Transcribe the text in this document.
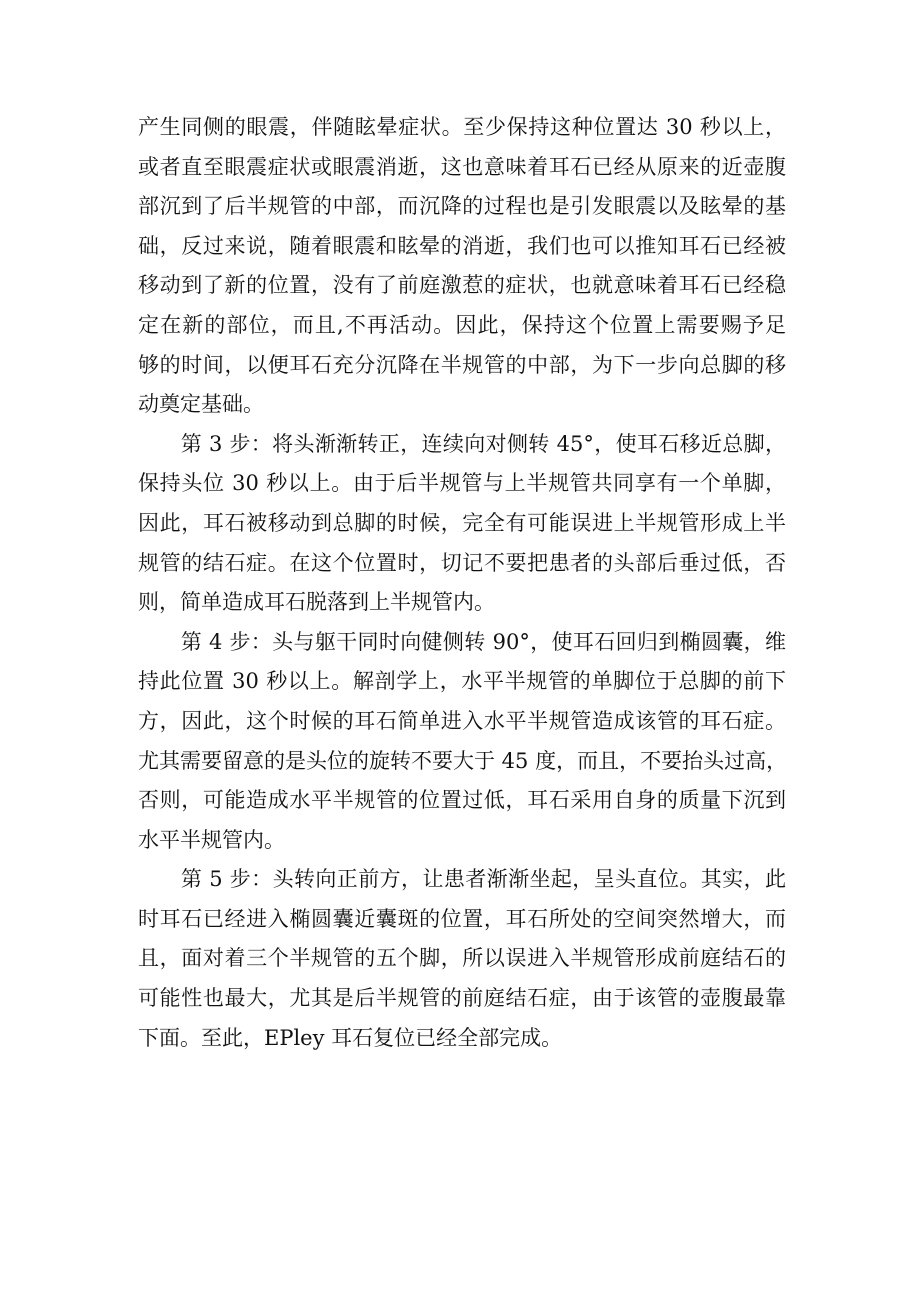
产生同侧的眼震，伴随眩晕症状。至少保持这种位置达 30 秒以上，
或者直至眼震症状或眼震消逝，这也意味着耳石已经从原来的近壶腹
部沉到了后半规管的中部，而沉降的过程也是引发眼震以及眩晕的基
础，反过来说，随着眼震和眩晕的消逝，我们也可以推知耳石已经被
移动到了新的位置，没有了前庭激惹的症状，也就意味着耳石已经稳
定在新的部位，而且,不再活动。因此，保持这个位置上需要赐予足
够的时间，以便耳石充分沉降在半规管的中部，为下一步向总脚的移
动奠定基础。
　　第 3 步：将头渐渐转正，连续向对侧转 45°，使耳石移近总脚，
保持头位 30 秒以上。由于后半规管与上半规管共同享有一个单脚，
因此，耳石被移动到总脚的时候，完全有可能误进上半规管形成上半
规管的结石症。在这个位置时，切记不要把患者的头部后垂过低，否
则，简单造成耳石脱落到上半规管内。
　　第 4 步：头与躯干同时向健侧转 90°，使耳石回归到椭圆囊，维
持此位置 30 秒以上。解剖学上，水平半规管的单脚位于总脚的前下
方，因此，这个时候的耳石简单进入水平半规管造成该管的耳石症。
尤其需要留意的是头位的旋转不要大于 45 度，而且，不要抬头过高，
否则，可能造成水平半规管的位置过低，耳石采用自身的质量下沉到
水平半规管内。
　　第 5 步：头转向正前方，让患者渐渐坐起，呈头直位。其实，此
时耳石已经进入椭圆囊近囊斑的位置，耳石所处的空间突然增大，而
且，面对着三个半规管的五个脚，所以误进入半规管形成前庭结石的
可能性也最大，尤其是后半规管的前庭结石症，由于该管的壶腹最靠
下面。至此，EPley 耳石复位已经全部完成。
